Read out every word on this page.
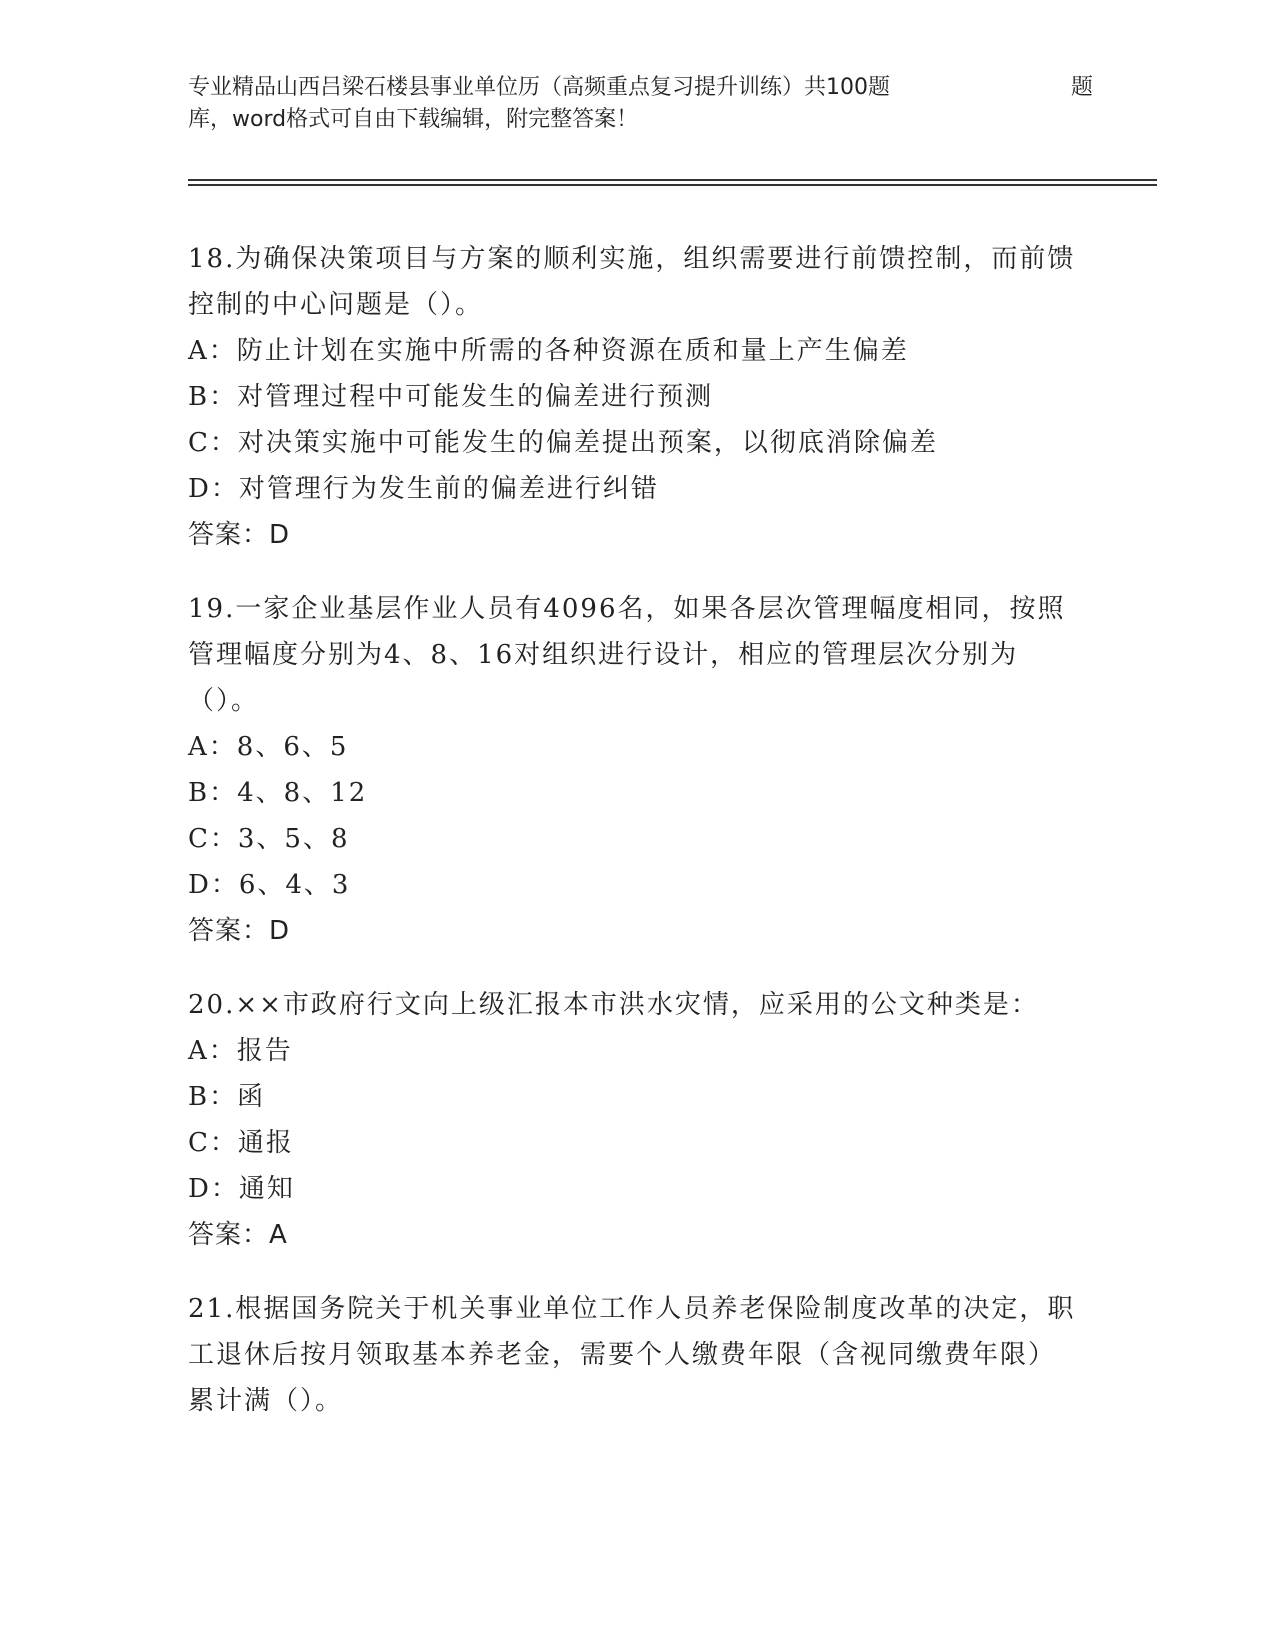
专业精品山西吕梁石楼县事业单位历（高频重点复习提升训练）共100题	题
库，word格式可自由下载编辑，附完整答案！

18.为确保决策项目与方案的顺利实施，组织需要进行前馈控制，而前馈控制的中心问题是（）。

A：防止计划在实施中所需的各种资源在质和量上产生偏差

B：对管理过程中可能发生的偏差进行预测

C：对决策实施中可能发生的偏差提出预案，以彻底消除偏差

D：对管理行为发生前的偏差进行纠错

答案：D

19.一家企业基层作业人员有4096名，如果各层次管理幅度相同，按照管理幅度分别为4、8、16对组织进行设计，相应的管理层次分别为（）。

A：8、6、5

B：4、8、12

C：3、5、8

D：6、4、3

答案：D

20.××市政府行文向上级汇报本市洪水灾情，应采用的公文种类是：

A：报告

B：函

C：通报

D：通知

答案：A

21.根据国务院关于机关事业单位工作人员养老保险制度改革的决定，职工退休后按月领取基本养老金，需要个人缴费年限（含视同缴费年限）累计满（）。
